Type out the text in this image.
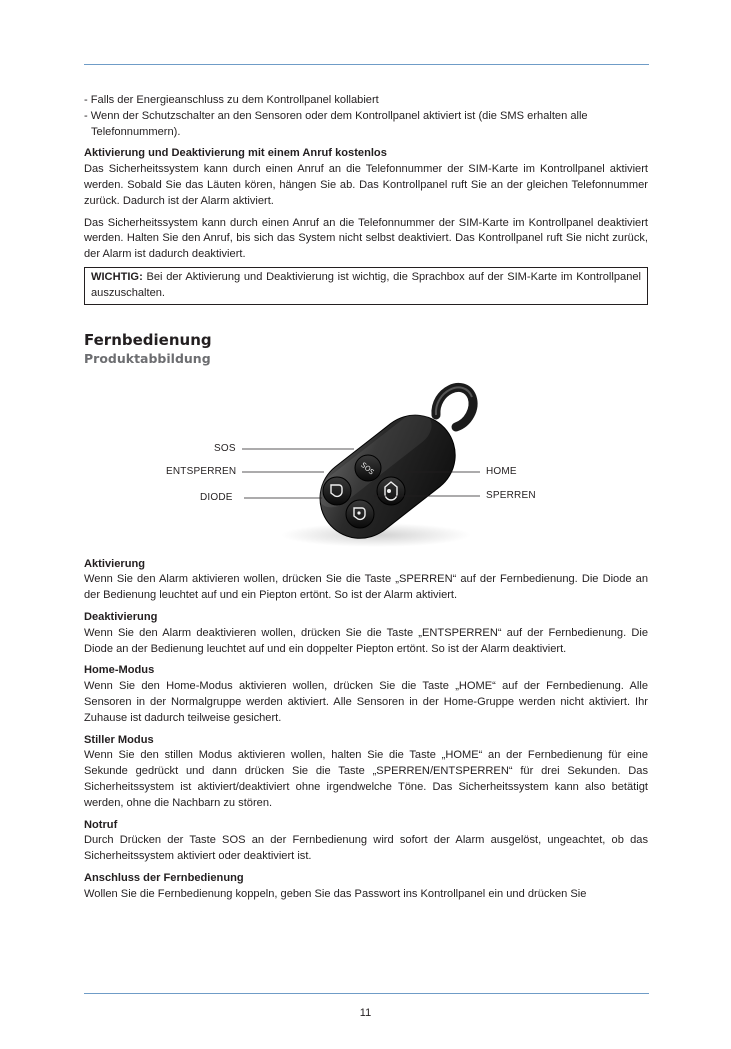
- Falls der Energieanschluss zu dem Kontrollpanel kollabiert
- Wenn der Schutzschalter an den Sensoren oder dem Kontrollpanel aktiviert ist (die SMS erhalten alle
Telefonnummern).

Aktivierung und Deaktivierung mit einem Anruf kostenlos
Das Sicherheitssystem kann durch einen Anruf an die Telefonnummer der SIM-Karte im Kontrollpanel aktiviert werden. Sobald Sie das Läuten kören, hängen Sie ab. Das Kontrollpanel ruft Sie an der gleichen Telefonnummer zurück. Dadurch ist der Alarm aktiviert.

Das Sicherheitssystem kann durch einen Anruf an die Telefonnummer der SIM-Karte im Kontrollpanel deaktiviert werden. Halten Sie den Anruf, bis sich das System nicht selbst deaktiviert. Das Kontrollpanel ruft Sie nicht zurück, der Alarm ist dadurch deaktiviert.

WICHTIG: Bei der Aktivierung und Deaktivierung ist wichtig, die Sprachbox auf der SIM-Karte im Kontrollpanel auszuschalten.
Fernbedienung
Produktabbildung
SOS
SOS
ENTSPERREN
DIODE
HOME
SPERREN

Aktivierung
Wenn Sie den Alarm aktivieren wollen, drücken Sie die Taste „SPERREN“ auf der Fernbedienung. Die Diode an der Bedienung leuchtet auf und ein Piepton ertönt. So ist der Alarm aktiviert.

Deaktivierung
Wenn Sie den Alarm deaktivieren wollen, drücken Sie die Taste „ENTSPERREN“ auf der Fernbedienung. Die Diode an der Bedienung leuchtet auf und ein doppelter Piepton ertönt. So ist der Alarm deaktiviert.

Home-Modus
Wenn Sie den Home-Modus aktivieren wollen, drücken Sie die Taste „HOME“ auf der Fernbedienung. Alle Sensoren in der Normalgruppe werden aktiviert. Alle Sensoren in der Home-Gruppe werden nicht aktiviert. Ihr Zuhause ist dadurch teilweise gesichert.

Stiller Modus
Wenn Sie den stillen Modus aktivieren wollen, halten Sie die Taste „HOME“ an der Fernbedienung für eine Sekunde gedrückt und dann drücken Sie die Taste „SPERREN/ENTSPERREN“ für drei Sekunden. Das Sicherheitssystem ist aktiviert/deaktiviert ohne irgendwelche Töne. Das Sicherheitssystem kann also betätigt werden, ohne die Nachbarn zu stören.

Notruf
Durch Drücken der Taste SOS an der Fernbedienung wird sofort der Alarm ausgelöst, ungeachtet, ob das Sicherheitssystem aktiviert oder deaktiviert ist.

Anschluss der Fernbedienung
Wollen Sie die Fernbedienung koppeln, geben Sie das Passwort ins Kontrollpanel ein und drücken Sie

11
